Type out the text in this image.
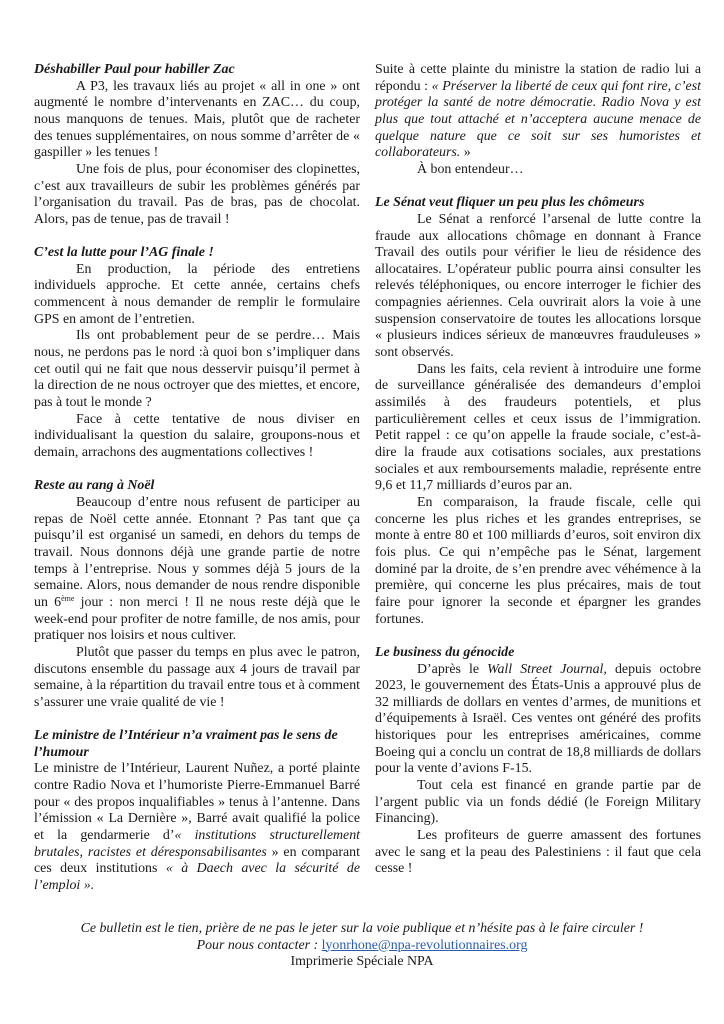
Déshabiller Paul pour habiller Zac

A P3, les travaux liés au projet « all in one » ont augmenté le nombre d’intervenants en ZAC… du coup, nous manquons de tenues. Mais, plutôt que de racheter des tenues supplémentaires, on nous somme d’arrêter de « gaspiller » les tenues !

Une fois de plus, pour économiser des clopinettes, c’est aux travailleurs de subir les problèmes générés par l’organisation du travail. Pas de bras, pas de chocolat. Alors, pas de tenue, pas de travail !

C’est la lutte pour l’AG finale !

En production, la période des entretiens individuels approche. Et cette année, certains chefs commencent à nous demander de remplir le formulaire GPS en amont de l’entretien.

Ils ont probablement peur de se perdre… Mais nous, ne perdons pas le nord :à quoi bon s’impliquer dans cet outil qui ne fait que nous desservir puisqu’il permet à la direction de ne nous octroyer que des miettes, et encore, pas à tout le monde ?

Face à cette tentative de nous diviser en individualisant la question du salaire, groupons-nous et demain, arrachons des augmentations collectives !

Reste au rang à Noël

Beaucoup d’entre nous refusent de participer au repas de Noël cette année. Etonnant ? Pas tant que ça puisqu’il est organisé un samedi, en dehors du temps de travail. Nous donnons déjà une grande partie de notre temps à l’entreprise. Nous y sommes déjà 5 jours de la semaine. Alors, nous demander de nous rendre disponible un 6ème jour : non merci ! Il ne nous reste déjà que le week-end pour profiter de notre famille, de nos amis, pour pratiquer nos loisirs et nous cultiver.

Plutôt que passer du temps en plus avec le patron, discutons ensemble du passage aux 4 jours de travail par semaine, à la répartition du travail entre tous et à comment s’assurer une vraie qualité de vie !

Le ministre de l’Intérieur n’a vraiment pas le sens de l’humour

Le ministre de l’Intérieur, Laurent Nuñez, a porté plainte contre Radio Nova et l’humoriste Pierre-Emmanuel Barré pour « des propos inqualifiables » tenus à l’antenne. Dans l’émission « La Dernière », Barré avait qualifié la police et la gendarmerie d’« institutions structurellement brutales, racistes et déresponsabilisantes » en comparant ces deux institutions « à Daech avec la sécurité de l’emploi ».

Suite à cette plainte du ministre la station de radio lui a répondu : « Préserver la liberté de ceux qui font rire, c’est protéger la santé de notre démocratie. Radio Nova y est plus que tout attaché et n’acceptera aucune menace de quelque nature que ce soit sur ses humoristes et collaborateurs. »

À bon entendeur…

Le Sénat veut fliquer un peu plus les chômeurs

Le Sénat a renforcé l’arsenal de lutte contre la fraude aux allocations chômage en donnant à France Travail des outils pour vérifier le lieu de résidence des allocataires. L’opérateur public pourra ainsi consulter les relevés téléphoniques, ou encore interroger le fichier des compagnies aériennes. Cela ouvrirait alors la voie à une suspension conservatoire de toutes les allocations lorsque « plusieurs indices sérieux de manœuvres frauduleuses » sont observés.

Dans les faits, cela revient à introduire une forme de surveillance généralisée des demandeurs d’emploi assimilés à des fraudeurs potentiels, et plus particulièrement celles et ceux issus de l’immigration. Petit rappel : ce qu’on appelle la fraude sociale, c’est-à-dire la fraude aux cotisations sociales, aux prestations sociales et aux remboursements maladie, représente entre 9,6 et 11,7 milliards d’euros par an.

En comparaison, la fraude fiscale, celle qui concerne les plus riches et les grandes entreprises, se monte à entre 80 et 100 milliards d’euros, soit environ dix fois plus. Ce qui n’empêche pas le Sénat, largement dominé par la droite, de s’en prendre avec véhémence à la première, qui concerne les plus précaires, mais de tout faire pour ignorer la seconde et épargner les grandes fortunes.

Le business du génocide

D’après le Wall Street Journal, depuis octobre 2023, le gouvernement des États-Unis a approuvé plus de 32 milliards de dollars en ventes d’armes, de munitions et d’équipements à Israël. Ces ventes ont généré des profits historiques pour les entreprises américaines, comme Boeing qui a conclu un contrat de 18,8 milliards de dollars pour la vente d’avions F-15.

Tout cela est financé en grande partie par de l’argent public via un fonds dédié (le Foreign Military Financing).

Les profiteurs de guerre amassent des fortunes avec le sang et la peau des Palestiniens : il faut que cela cesse !

Ce bulletin est le tien, prière de ne pas le jeter sur la voie publique et n’hésite pas à le faire circuler !
Pour nous contacter : lyonrhone@npa-revolutionnaires.org
Imprimerie Spéciale NPA
